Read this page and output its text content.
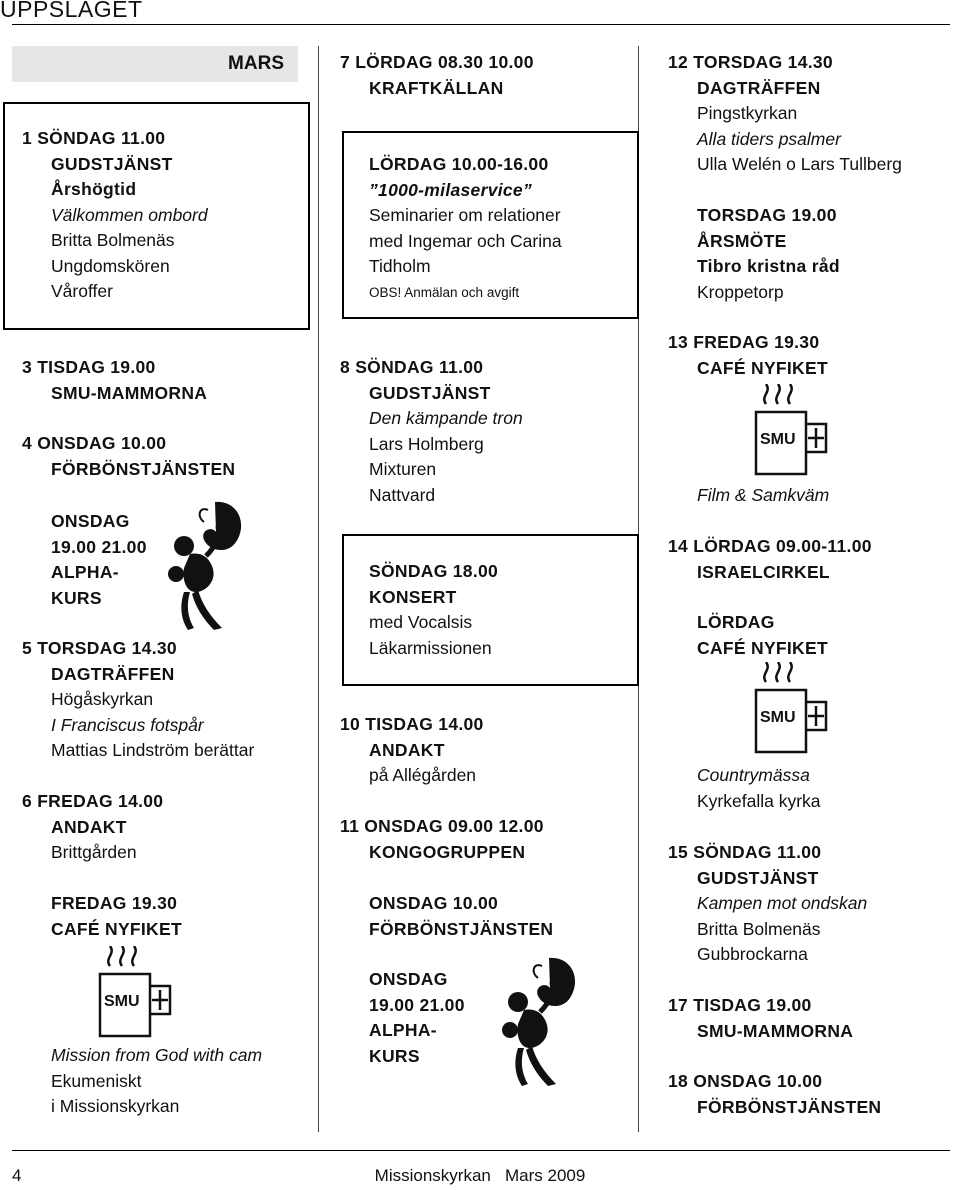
UPPSLAGET
MARS
1 SÖNDAG 11.00
GUDSTJÄNST
Årshögtid
Välkommen ombord
Britta Bolmenäs
Ungdomskören
Våroffer
3 TISDAG 19.00
SMU-MAMMORNA
4 ONSDAG 10.00
FÖRBÖNSTJÄNSTEN
ONSDAG
19.00 21.00
ALPHA-
KURS
5 TORSDAG 14.30
DAGTRÄFFEN
Högåskyrkan
I Franciscus fotspår
Mattias Lindström berättar
6 FREDAG 14.00
ANDAKT
Brittgården
FREDAG 19.30
CAFÉ NYFIKET
SMU
Mission from God with cam
Ekumeniskt
i Missionskyrkan
7 LÖRDAG 08.30 10.00
KRAFTKÄLLAN
LÖRDAG 10.00-16.00
”1000-milaservice”
Seminarier om relationer
med Ingemar och Carina
Tidholm
OBS! Anmälan och avgift
8 SÖNDAG 11.00
GUDSTJÄNST
Den kämpande tron
Lars Holmberg
Mixturen
Nattvard
SÖNDAG 18.00
KONSERT
med Vocalsis
Läkarmissionen
10 TISDAG 14.00
ANDAKT
på Allégården
11 ONSDAG 09.00 12.00
KONGOGRUPPEN
ONSDAG 10.00
FÖRBÖNSTJÄNSTEN
ONSDAG
19.00 21.00
ALPHA-
KURS
12 TORSDAG 14.30
DAGTRÄFFEN
Pingstkyrkan
Alla tiders psalmer
Ulla Welén o Lars Tullberg
TORSDAG 19.00
ÅRSMÖTE
Tibro kristna råd
Kroppetorp
13 FREDAG 19.30
CAFÉ NYFIKET
SMU
Film & Samkväm
14 LÖRDAG 09.00-11.00
ISRAELCIRKEL
LÖRDAG
CAFÉ NYFIKET
SMU
Countrymässa
Kyrkefalla kyrka
15 SÖNDAG 11.00
GUDSTJÄNST
Kampen mot ondskan
Britta Bolmenäs
Gubbrockarna
17 TISDAG 19.00
SMU-MAMMORNA
18 ONSDAG 10.00
FÖRBÖNSTJÄNSTEN
4	Missionskyrkan   Mars 2009
